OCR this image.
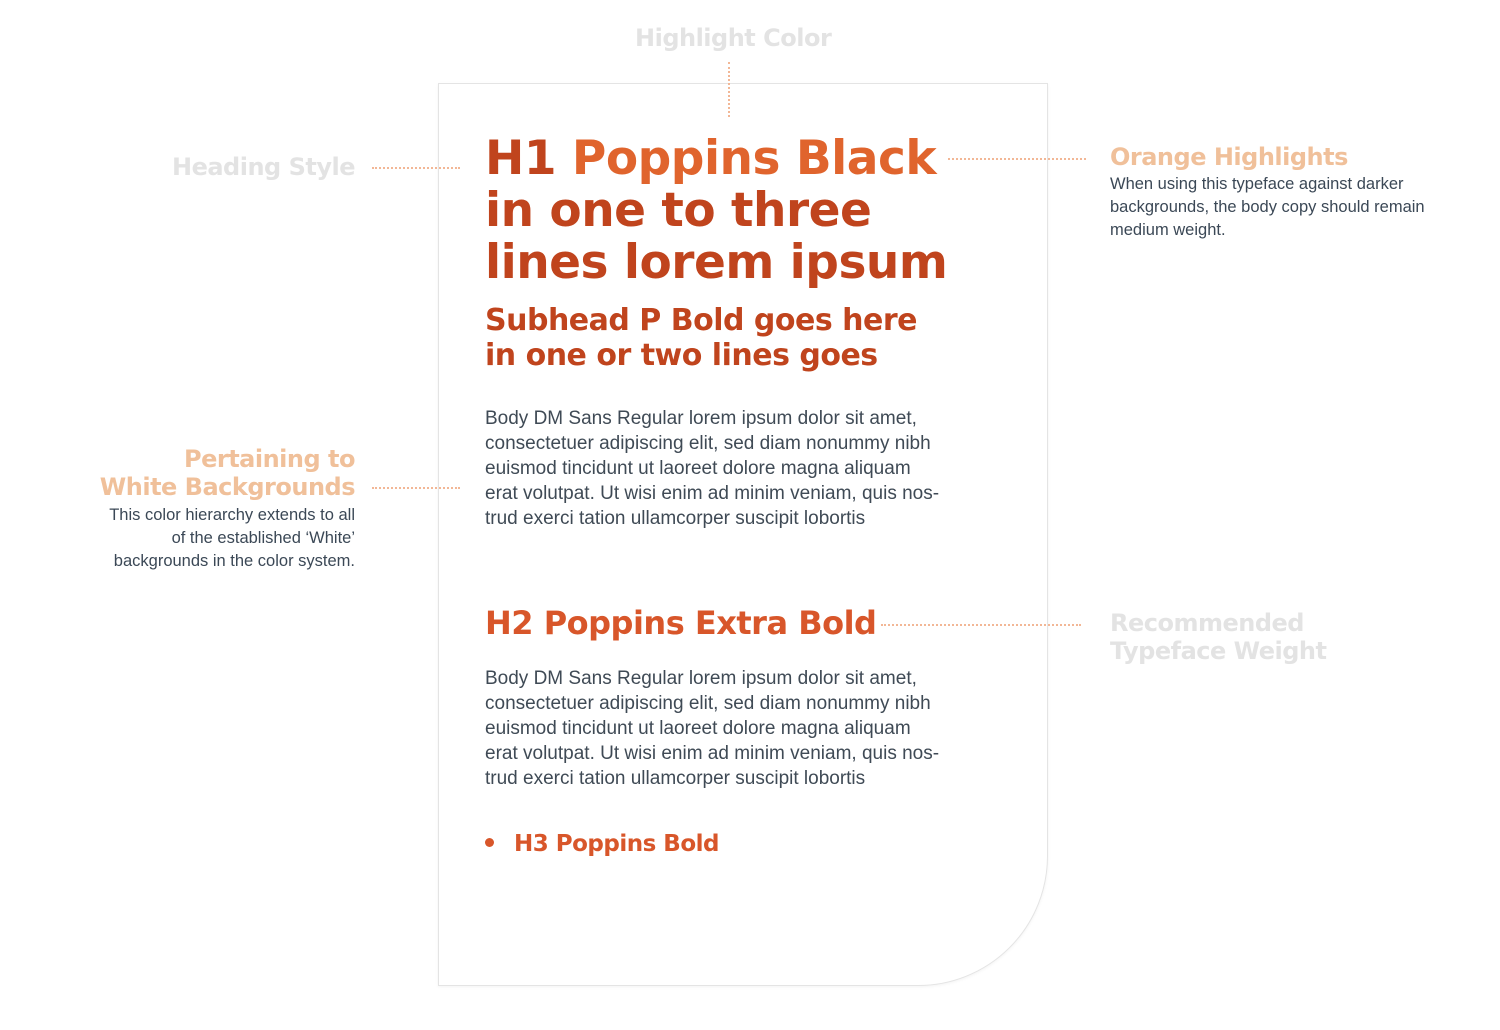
Highlight Color
Heading Style	Orange Highlights
When using this typeface against darker
backgrounds, the body copy should remain
medium weight.
Pertaining to
White Backgrounds
This color hierarchy extends to all
of the established ‘White’
backgrounds in the color system.
Recommended
Typeface Weight
H1 Poppins Black
in one to three
lines lorem ipsum
Subhead P Bold goes here
in one or two lines goes
Body DM Sans Regular lorem ipsum dolor sit amet,
consectetuer adipiscing elit, sed diam nonummy nibh
euismod tincidunt ut laoreet dolore magna aliquam
erat volutpat. Ut wisi enim ad minim veniam, quis nos-
trud exerci tation ullamcorper suscipit lobortis
H2 Poppins Extra Bold
Body DM Sans Regular lorem ipsum dolor sit amet,
consectetuer adipiscing elit, sed diam nonummy nibh
euismod tincidunt ut laoreet dolore magna aliquam
erat volutpat. Ut wisi enim ad minim veniam, quis nos-
trud exerci tation ullamcorper suscipit lobortis
H3 Poppins Bold
